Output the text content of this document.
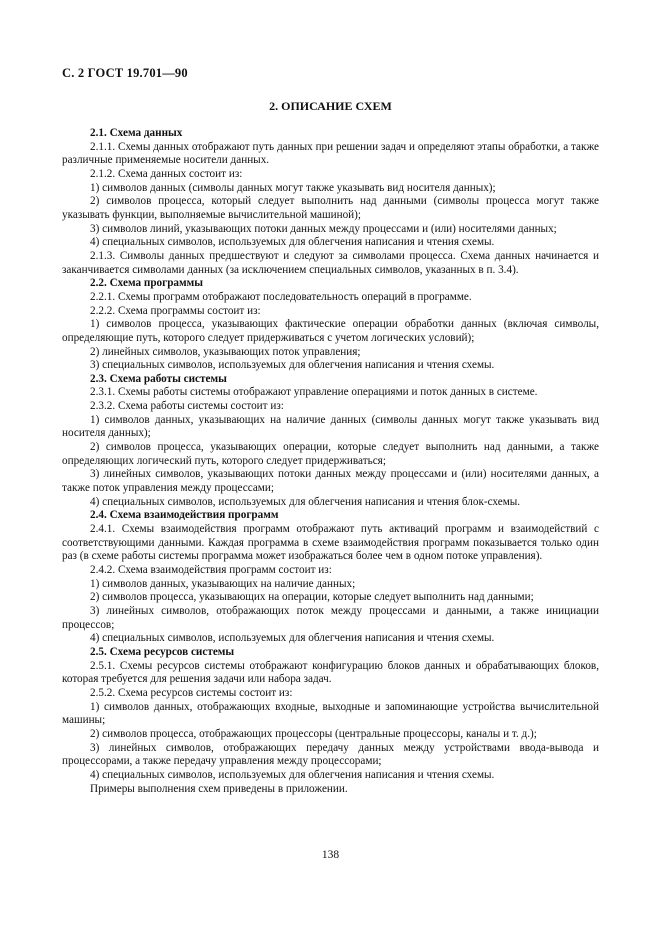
С. 2 ГОСТ 19.701—90
2. ОПИСАНИЕ СХЕМ

2.1. Схема данных

2.1.1. Схемы данных отображают путь данных при решении задач и определяют этапы обработки, а также различные применяемые носители данных.

2.1.2. Схема данных состоит из:

1) символов данных (символы данных могут также указывать вид носителя данных);

2) символов процесса, который следует выполнить над данными (символы процесса могут также указывать функции, выполняемые вычислительной машиной);

3) символов линий, указывающих потоки данных между процессами и (или) носителями данных;

4) специальных символов, используемых для облегчения написания и чтения схемы.

2.1.3. Символы данных предшествуют и следуют за символами процесса. Схема данных начинается и заканчивается символами данных (за исключением специальных символов, указанных в п. 3.4).

2.2. Схема программы

2.2.1. Схемы программ отображают последовательность операций в программе.

2.2.2. Схема программы состоит из:

1) символов процесса, указывающих фактические операции обработки данных (включая символы, определяющие путь, которого следует придерживаться с учетом логических условий);

2) линейных символов, указывающих поток управления;

3) специальных символов, используемых для облегчения написания и чтения схемы.

2.3. Схема работы системы

2.3.1. Схемы работы системы отображают управление операциями и поток данных в системе.

2.3.2. Схема работы системы состоит из:

1) символов данных, указывающих на наличие данных (символы данных могут также указывать вид носителя данных);

2) символов процесса, указывающих операции, которые следует выполнить над данными, а также определяющих логический путь, которого следует придерживаться;

3) линейных символов, указывающих потоки данных между процессами и (или) носителями данных, а также поток управления между процессами;

4) специальных символов, используемых для облегчения написания и чтения блок-схемы.

2.4. Схема взаимодействия программ

2.4.1. Схемы взаимодействия программ отображают путь активаций программ и взаимодействий с соответствующими данными. Каждая программа в схеме взаимодействия программ показывается только один раз (в схеме работы системы программа может изображаться более чем в одном потоке управления).

2.4.2. Схема взаимодействия программ состоит из:

1) символов данных, указывающих на наличие данных;

2) символов процесса, указывающих на операции, которые следует выполнить над данными;

3) линейных символов, отображающих поток между процессами и данными, а также инициации процессов;

4) специальных символов, используемых для облегчения написания и чтения схемы.

2.5. Схема ресурсов системы

2.5.1. Схемы ресурсов системы отображают конфигурацию блоков данных и обрабатывающих блоков, которая требуется для решения задачи или набора задач.

2.5.2. Схема ресурсов системы состоит из:

1) символов данных, отображающих входные, выходные и запоминающие устройства вычислительной машины;

2) символов процесса, отображающих процессоры (центральные процессоры, каналы и т. д.);

3) линейных символов, отображающих передачу данных между устройствами ввода-вывода и процессорами, а также передачу управления между процессорами;

4) специальных символов, используемых для облегчения написания и чтения схемы.

Примеры выполнения схем приведены в приложении.

138
